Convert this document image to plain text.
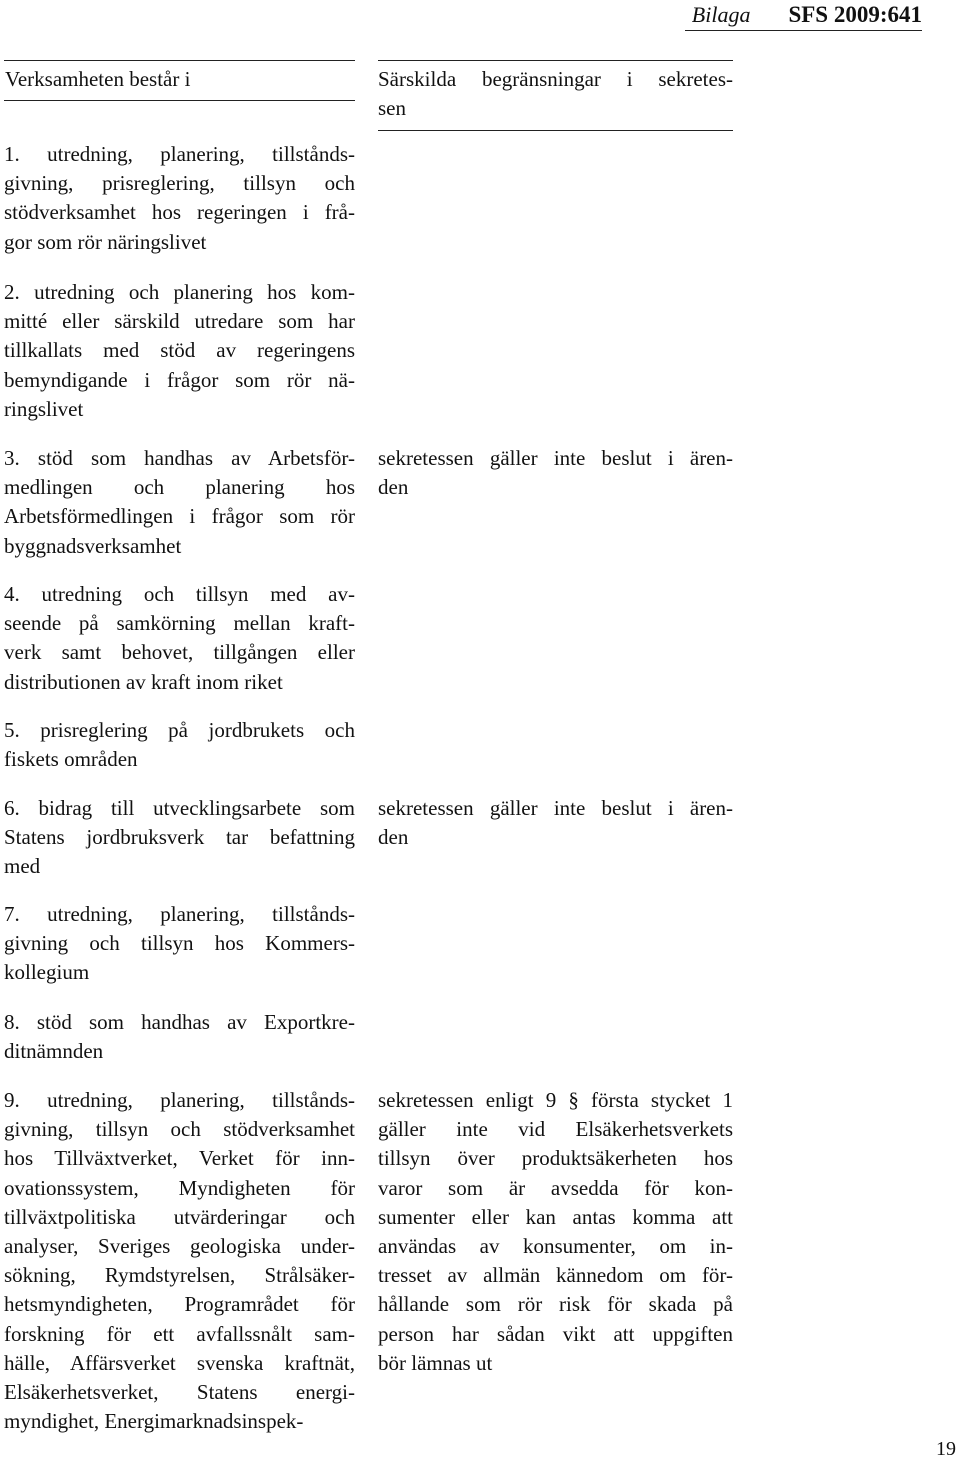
Bilaga SFS 2009:641
Verksamheten består i	Särskilda begränsningar i sekretes-
sen
1. utredning, planering, tillstånds-
givning, prisreglering, tillsyn och
stödverksamhet hos regeringen i frå-
gor som rör näringslivet
2. utredning och planering hos kom-
mitté eller särskild utredare som har
tillkallats med stöd av regeringens
bemyndigande i frågor som rör nä-
ringslivet
3. stöd som handhas av Arbetsför-
medlingen och planering hos
Arbetsförmedlingen i frågor som rör
byggnadsverksamhet
sekretessen gäller inte beslut i ären-
den
4. utredning och tillsyn med av-
seende på samkörning mellan kraft-
verk samt behovet, tillgången eller
distributionen av kraft inom riket
5. prisreglering på jordbrukets och
fiskets områden
6. bidrag till utvecklingsarbete som
Statens jordbruksverk tar befattning
med
sekretessen gäller inte beslut i ären-
den
7. utredning, planering, tillstånds-
givning och tillsyn hos Kommers-
kollegium
8. stöd som handhas av Exportkre-
ditnämnden
9. utredning, planering, tillstånds-
givning, tillsyn och stödverksamhet
hos Tillväxtverket, Verket för inn-
ovationssystem, Myndigheten för
tillväxtpolitiska utvärderingar och
analyser, Sveriges geologiska under-
sökning, Rymdstyrelsen, Strålsäker-
hetsmyndigheten, Programrådet för
forskning för ett avfallssnålt sam-
hälle, Affärsverket svenska kraftnät,
Elsäkerhetsverket, Statens energi-
myndighet, Energimarknadsinspek-
sekretessen enligt 9 § första stycket 1
gäller inte vid Elsäkerhetsverkets
tillsyn över produktsäkerheten hos
varor som är avsedda för kon-
sumenter eller kan antas komma att
användas av konsumenter, om in-
tresset av allmän kännedom om för-
hållande som rör risk för skada på
person har sådan vikt att uppgiften
bör lämnas ut
19
